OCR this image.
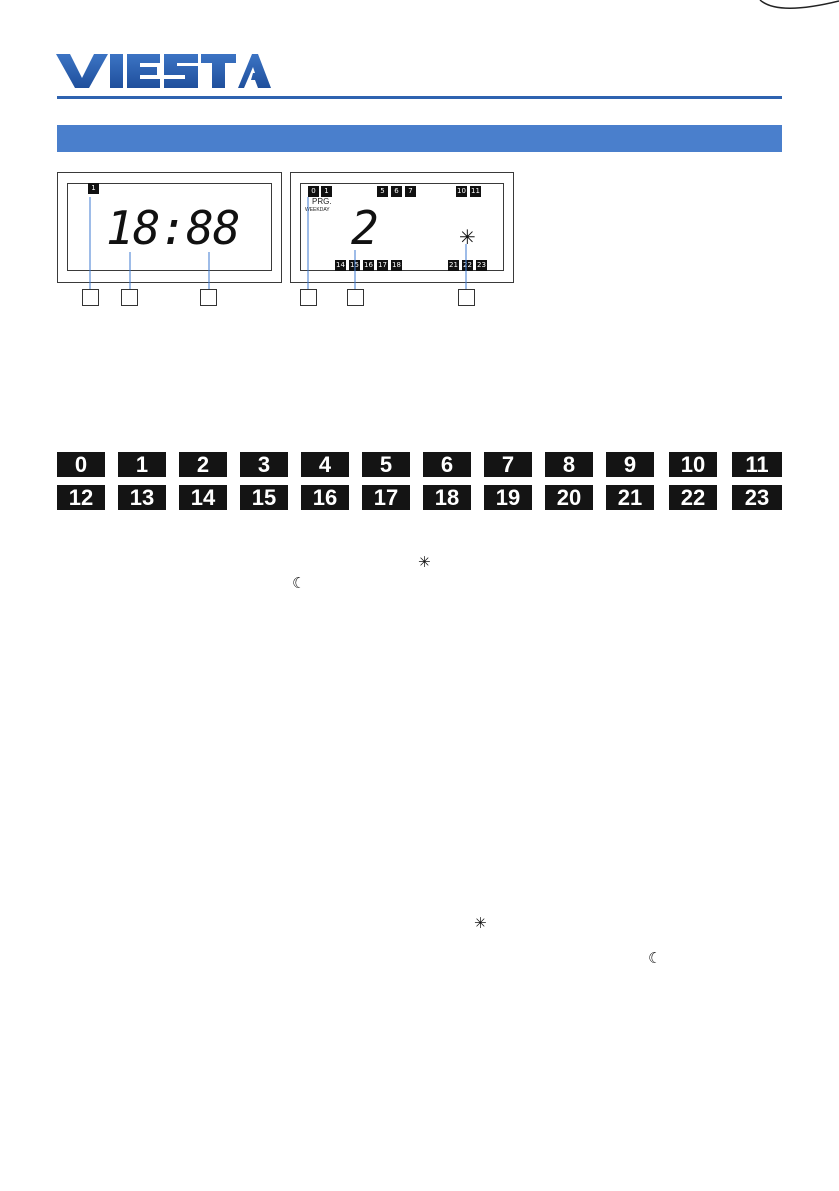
1
18:88
0	1	5	6	7	10 11
PRG.
WEEKDAY 2	✳
14 15 16 17 18	21 22 23
0	1	2	3	4	5	6	7	8	9	10	11
12	13	14	15	16	17	18	19	20	21	22	23
✳
☾
✳
☾
